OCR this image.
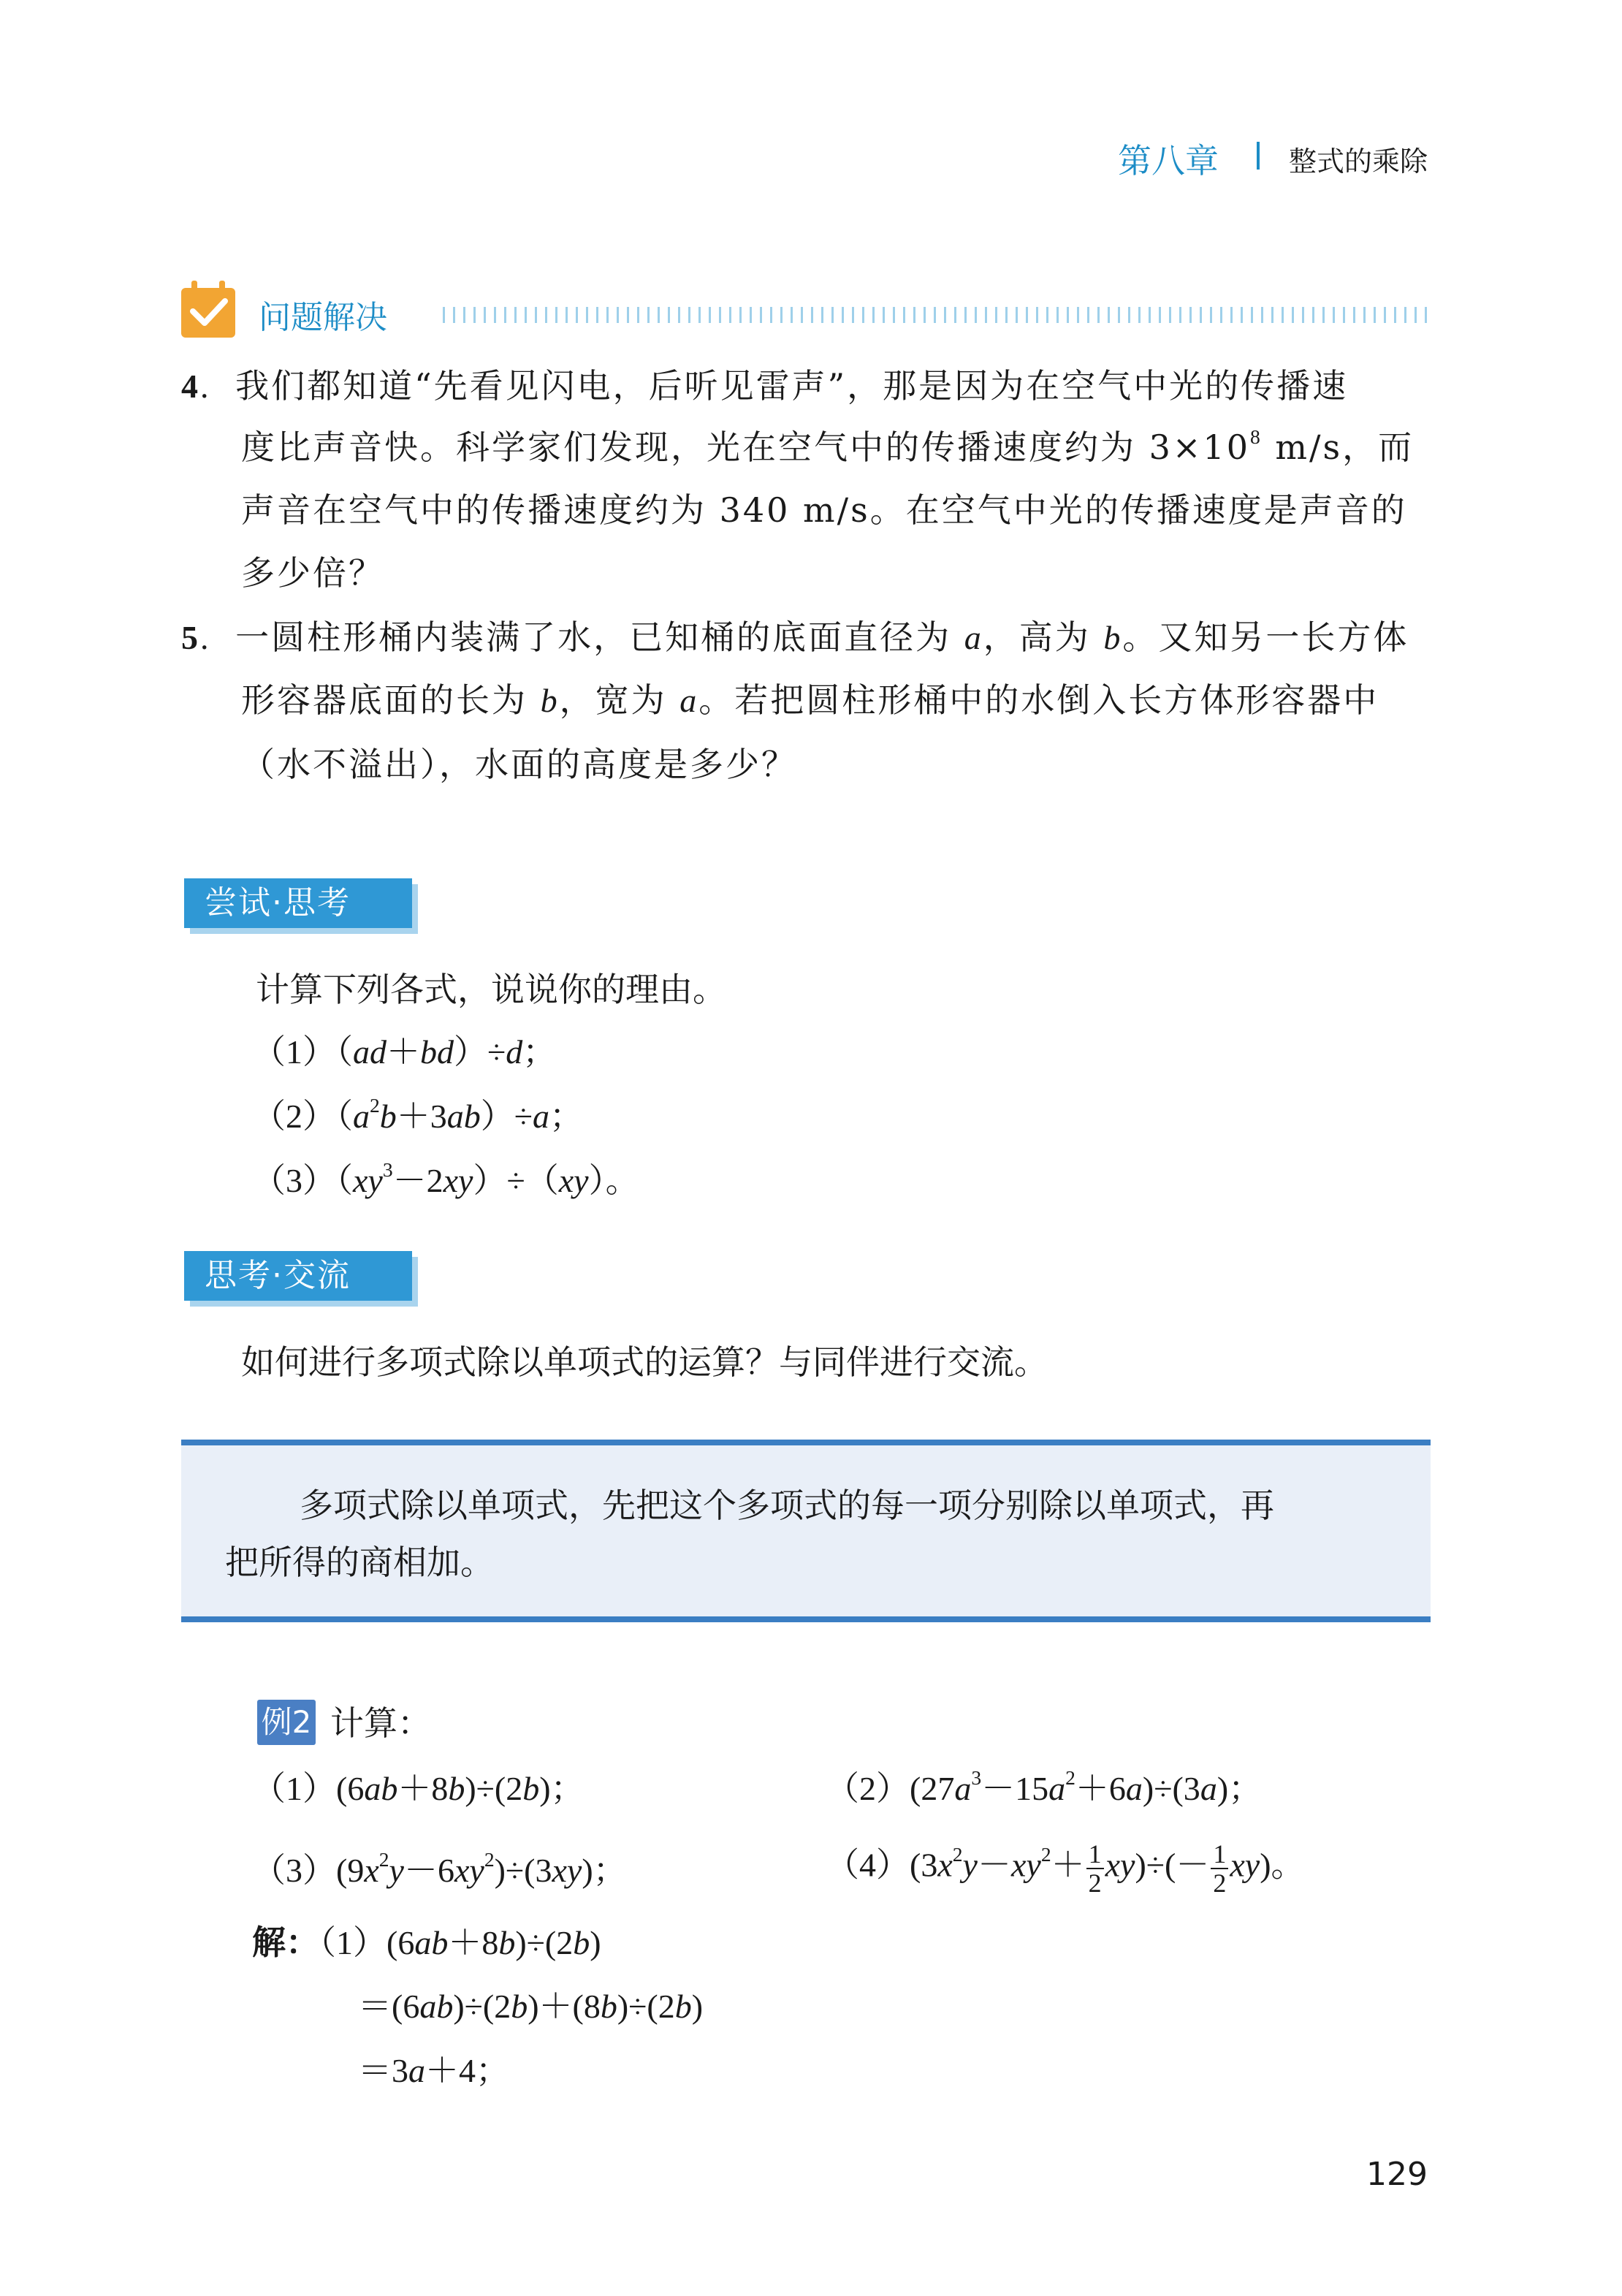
第八章	整式的乘除
问题解决
4. 我们都知道“先看见闪电，后听见雷声”，那是因为在空气中光的传播速
度比声音快。科学家们发现，光在空气中的传播速度约为 $3\times 10^8$ m/s，而
声音在空气中的传播速度约为 340 m/s。在空气中光的传播速度是声音的
多少倍？
5. 一圆柱形桶内装满了水，已知桶的底面直径为 a，高为 b。又知另一长方体
形容器底面的长为 b，宽为 a。若把圆柱形桶中的水倒入长方体形容器中
（水不溢出），水面的高度是多少？
尝试·思考
计算下列各式，说说你的理由。
（1）（ad＋bd）÷d；
$(2)(a^2b+3ab)\div a$；
$(3)(xy^3-2xy)\div(xy)$。
思考·交流
如何进行多项式除以单项式的运算？与同伴进行交流。
多项式除以单项式，先把这个多项式的每一项分别除以单项式，再
把所得的商相加。
例2 计算：
（1）(6ab＋8b)÷(2b)；	$(2)(27a^3-15a^2+6a)\div(3a)$；
$(3)(9x^2y-6xy^2)\div(3xy)$；	$(4)(3x^2y-xy^2+ \frac{1}{2} xy)\div(- \frac{1}{2} xy)$。
解：（1）(6ab＋8b)÷(2b)
＝(6ab)÷(2b)＋(8b)÷(2b)
＝3a＋4；
129
